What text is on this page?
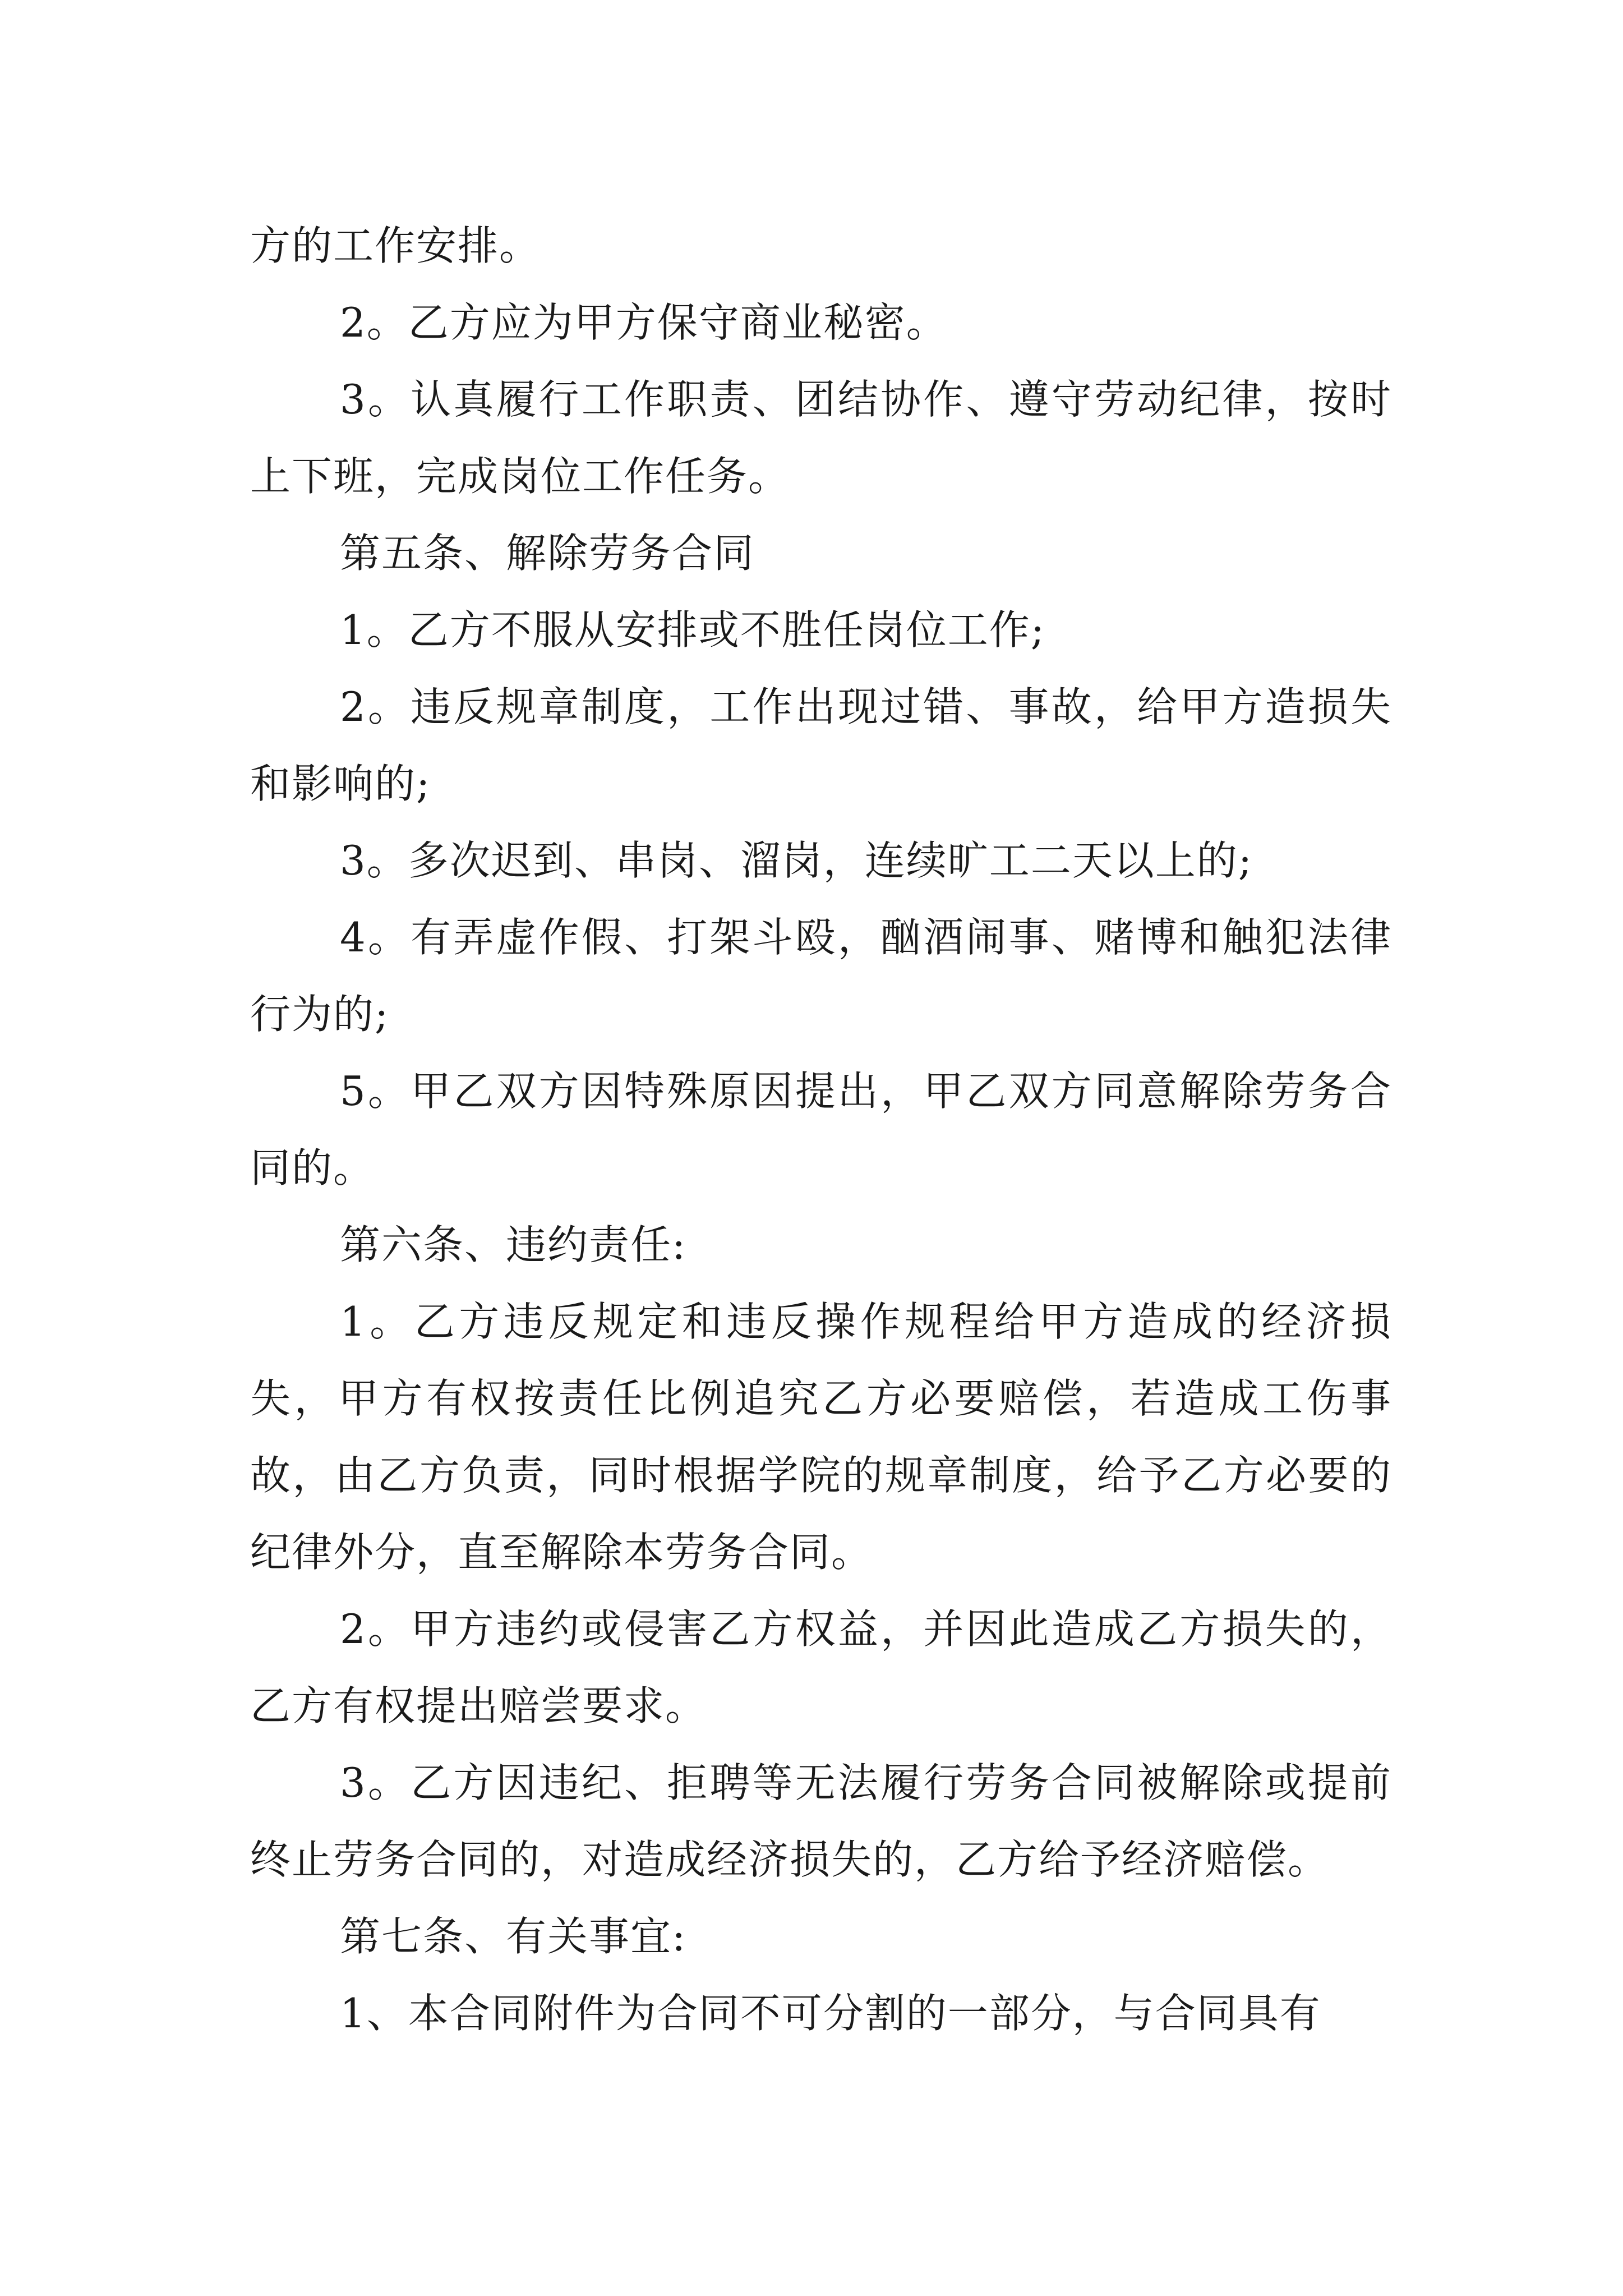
方的工作安排。

2。乙方应为甲方保守商业秘密。

3。认真履行工作职责、团结协作、遵守劳动纪律，按时上下班，完成岗位工作任务。

第五条、解除劳务合同

1。乙方不服从安排或不胜任岗位工作;

2。违反规章制度，工作出现过错、事故，给甲方造损失和影响的;

3。多次迟到、串岗、溜岗，连续旷工二天以上的;

4。有弄虚作假、打架斗殴，酗酒闹事、赌博和触犯法律行为的;

5。甲乙双方因特殊原因提出，甲乙双方同意解除劳务合同的。

第六条、违约责任:

1。乙方违反规定和违反操作规程给甲方造成的经济损失，甲方有权按责任比例追究乙方必要赔偿，若造成工伤事故，由乙方负责，同时根据学院的规章制度，给予乙方必要的纪律外分，直至解除本劳务合同。

2。甲方违约或侵害乙方权益，并因此造成乙方损失的，乙方有权提出赔尝要求。

3。乙方因违纪、拒聘等无法履行劳务合同被解除或提前终止劳务合同的，对造成经济损失的，乙方给予经济赔偿。

第七条、有关事宜:

1、本合同附件为合同不可分割的一部分，与合同具有
